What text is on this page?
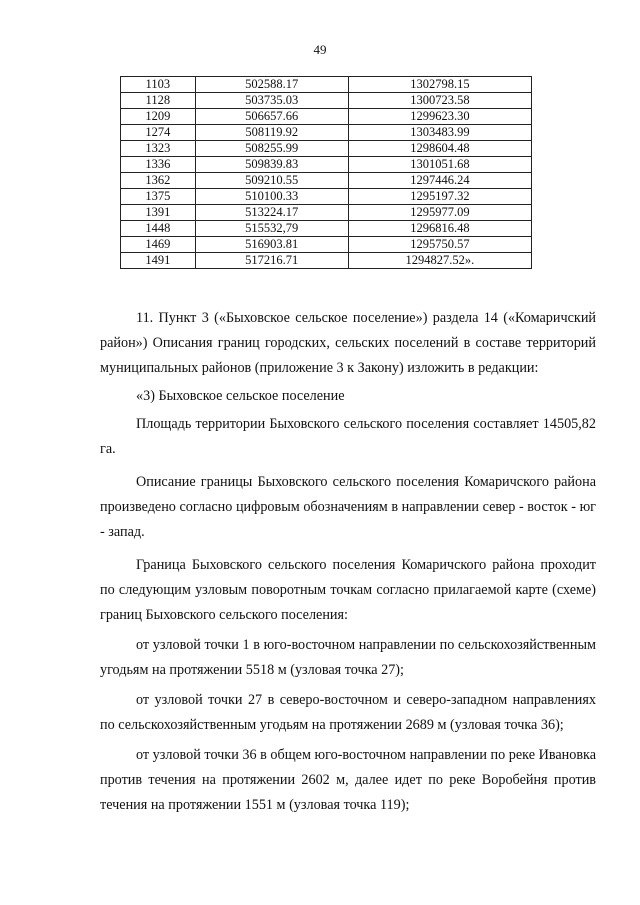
49
1103	502588.17	1302798.15
1128	503735.03	1300723.58
1209	506657.66	1299623.30
1274	508119.92	1303483.99
1323	508255.99	1298604.48
1336	509839.83	1301051.68
1362	509210.55	1297446.24
1375	510100.33	1295197.32
1391	513224.17	1295977.09
1448	515532,79	1296816.48
1469	516903.81	1295750.57
1491	517216.71	1294827.52».

11. Пункт 3 («Быховское сельское поселение») раздела 14 («Комаричский район») Описания границ городских, сельских поселений в составе территорий муниципальных районов (приложение 3 к Закону) изложить в редакции:

«3) Быховское сельское поселение

Площадь территории Быховского сельского поселения составляет 14505,82 га.

Описание границы Быховского сельского поселения Комаричского района произведено согласно цифровым обозначениям в направлении север - восток - юг - запад.

Граница Быховского сельского поселения Комаричского района проходит по следующим узловым поворотным точкам согласно прилагаемой карте (схеме) границ Быховского сельского поселения:

от узловой точки 1 в юго-восточном направлении по сельскохозяйственным угодьям на протяжении 5518 м (узловая точка 27);

от узловой точки 27 в северо-восточном и северо-западном направлениях по сельскохозяйственным угодьям на протяжении 2689 м (узловая точка 36);

от узловой точки 36 в общем юго-восточном направлении по реке Ивановка против течения на протяжении 2602 м, далее идет по реке Воробейня против течения на протяжении 1551 м (узловая точка 119);
